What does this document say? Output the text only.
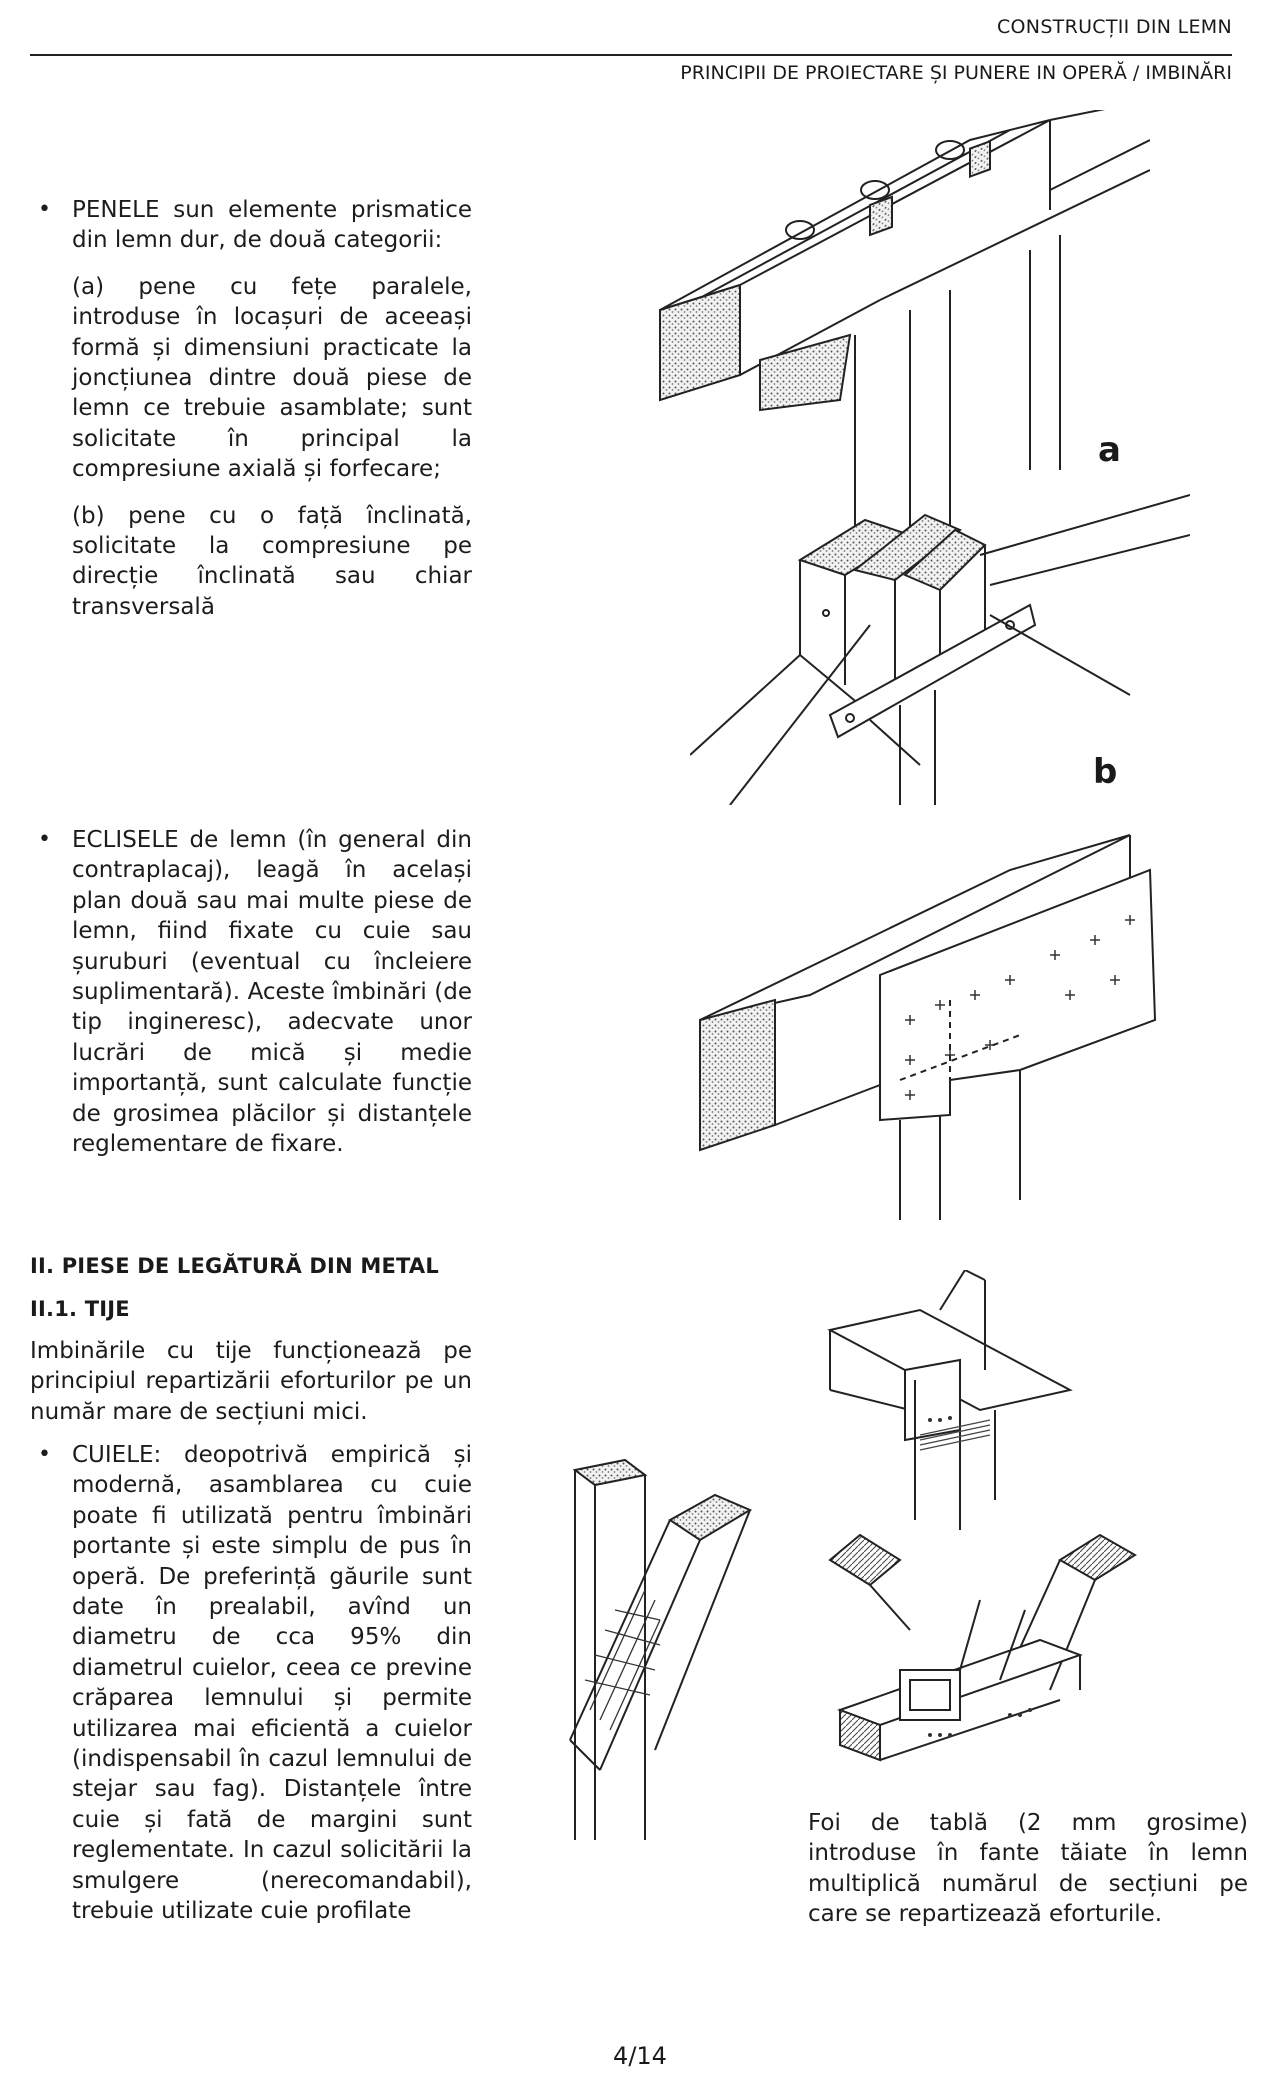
CONSTRUCȚII DIN LEMN
PRINCIPII DE PROIECTARE ȘI PUNERE IN OPERĂ / IMBINĂRI

• PENELE sun elemente prismatice din lemn dur, de două categorii:

(a) pene cu fețe paralele, introduse în locașuri de aceeași formă și dimensiuni practicate la joncțiunea dintre două piese de lemn ce trebuie asamblate; sunt solicitate în principal la compresiune axială și forfecare;

(b) pene cu o față înclinată, solicitate la compresiune pe direcție înclinată sau chiar transversală

• ECLISELE de lemn (în general din contraplacaj), leagă în același plan două sau mai multe piese de lemn, fiind fixate cu cuie sau șuruburi (eventual cu încleiere suplimentară). Aceste îmbinări (de tip ingineresc), adecvate unor lucrări de mică și medie importanță, sunt calculate funcție de grosimea plăcilor și distanțele reglementare de fixare.

II. PIESE DE LEGĂTURĂ DIN METAL
II.1. TIJE

Imbinările cu tije funcționează pe principiul repartizării eforturilor pe un număr mare de secțiuni mici.

• CUIELE: deopotrivă empirică și modernă, asamblarea cu cuie poate fi utilizată pentru îmbinări portante și este simplu de pus în operă. De preferință găurile sunt date în prealabil, avînd un diametru de cca 95% din diametrul cuielor, ceea ce previne crăparea lemnului și permite utilizarea mai eficientă a cuielor (indispensabil în cazul lemnului de stejar sau fag). Distanțele între cuie și fată de margini sunt reglementate. In cazul solicitării la smulgere (nerecomandabil), trebuie utilizate cuie profilate

a
b
Foi de tablă (2 mm grosime) introduse în fante tăiate în lemn multiplică numărul de secțiuni pe care se repartizează eforturile.
4/14
